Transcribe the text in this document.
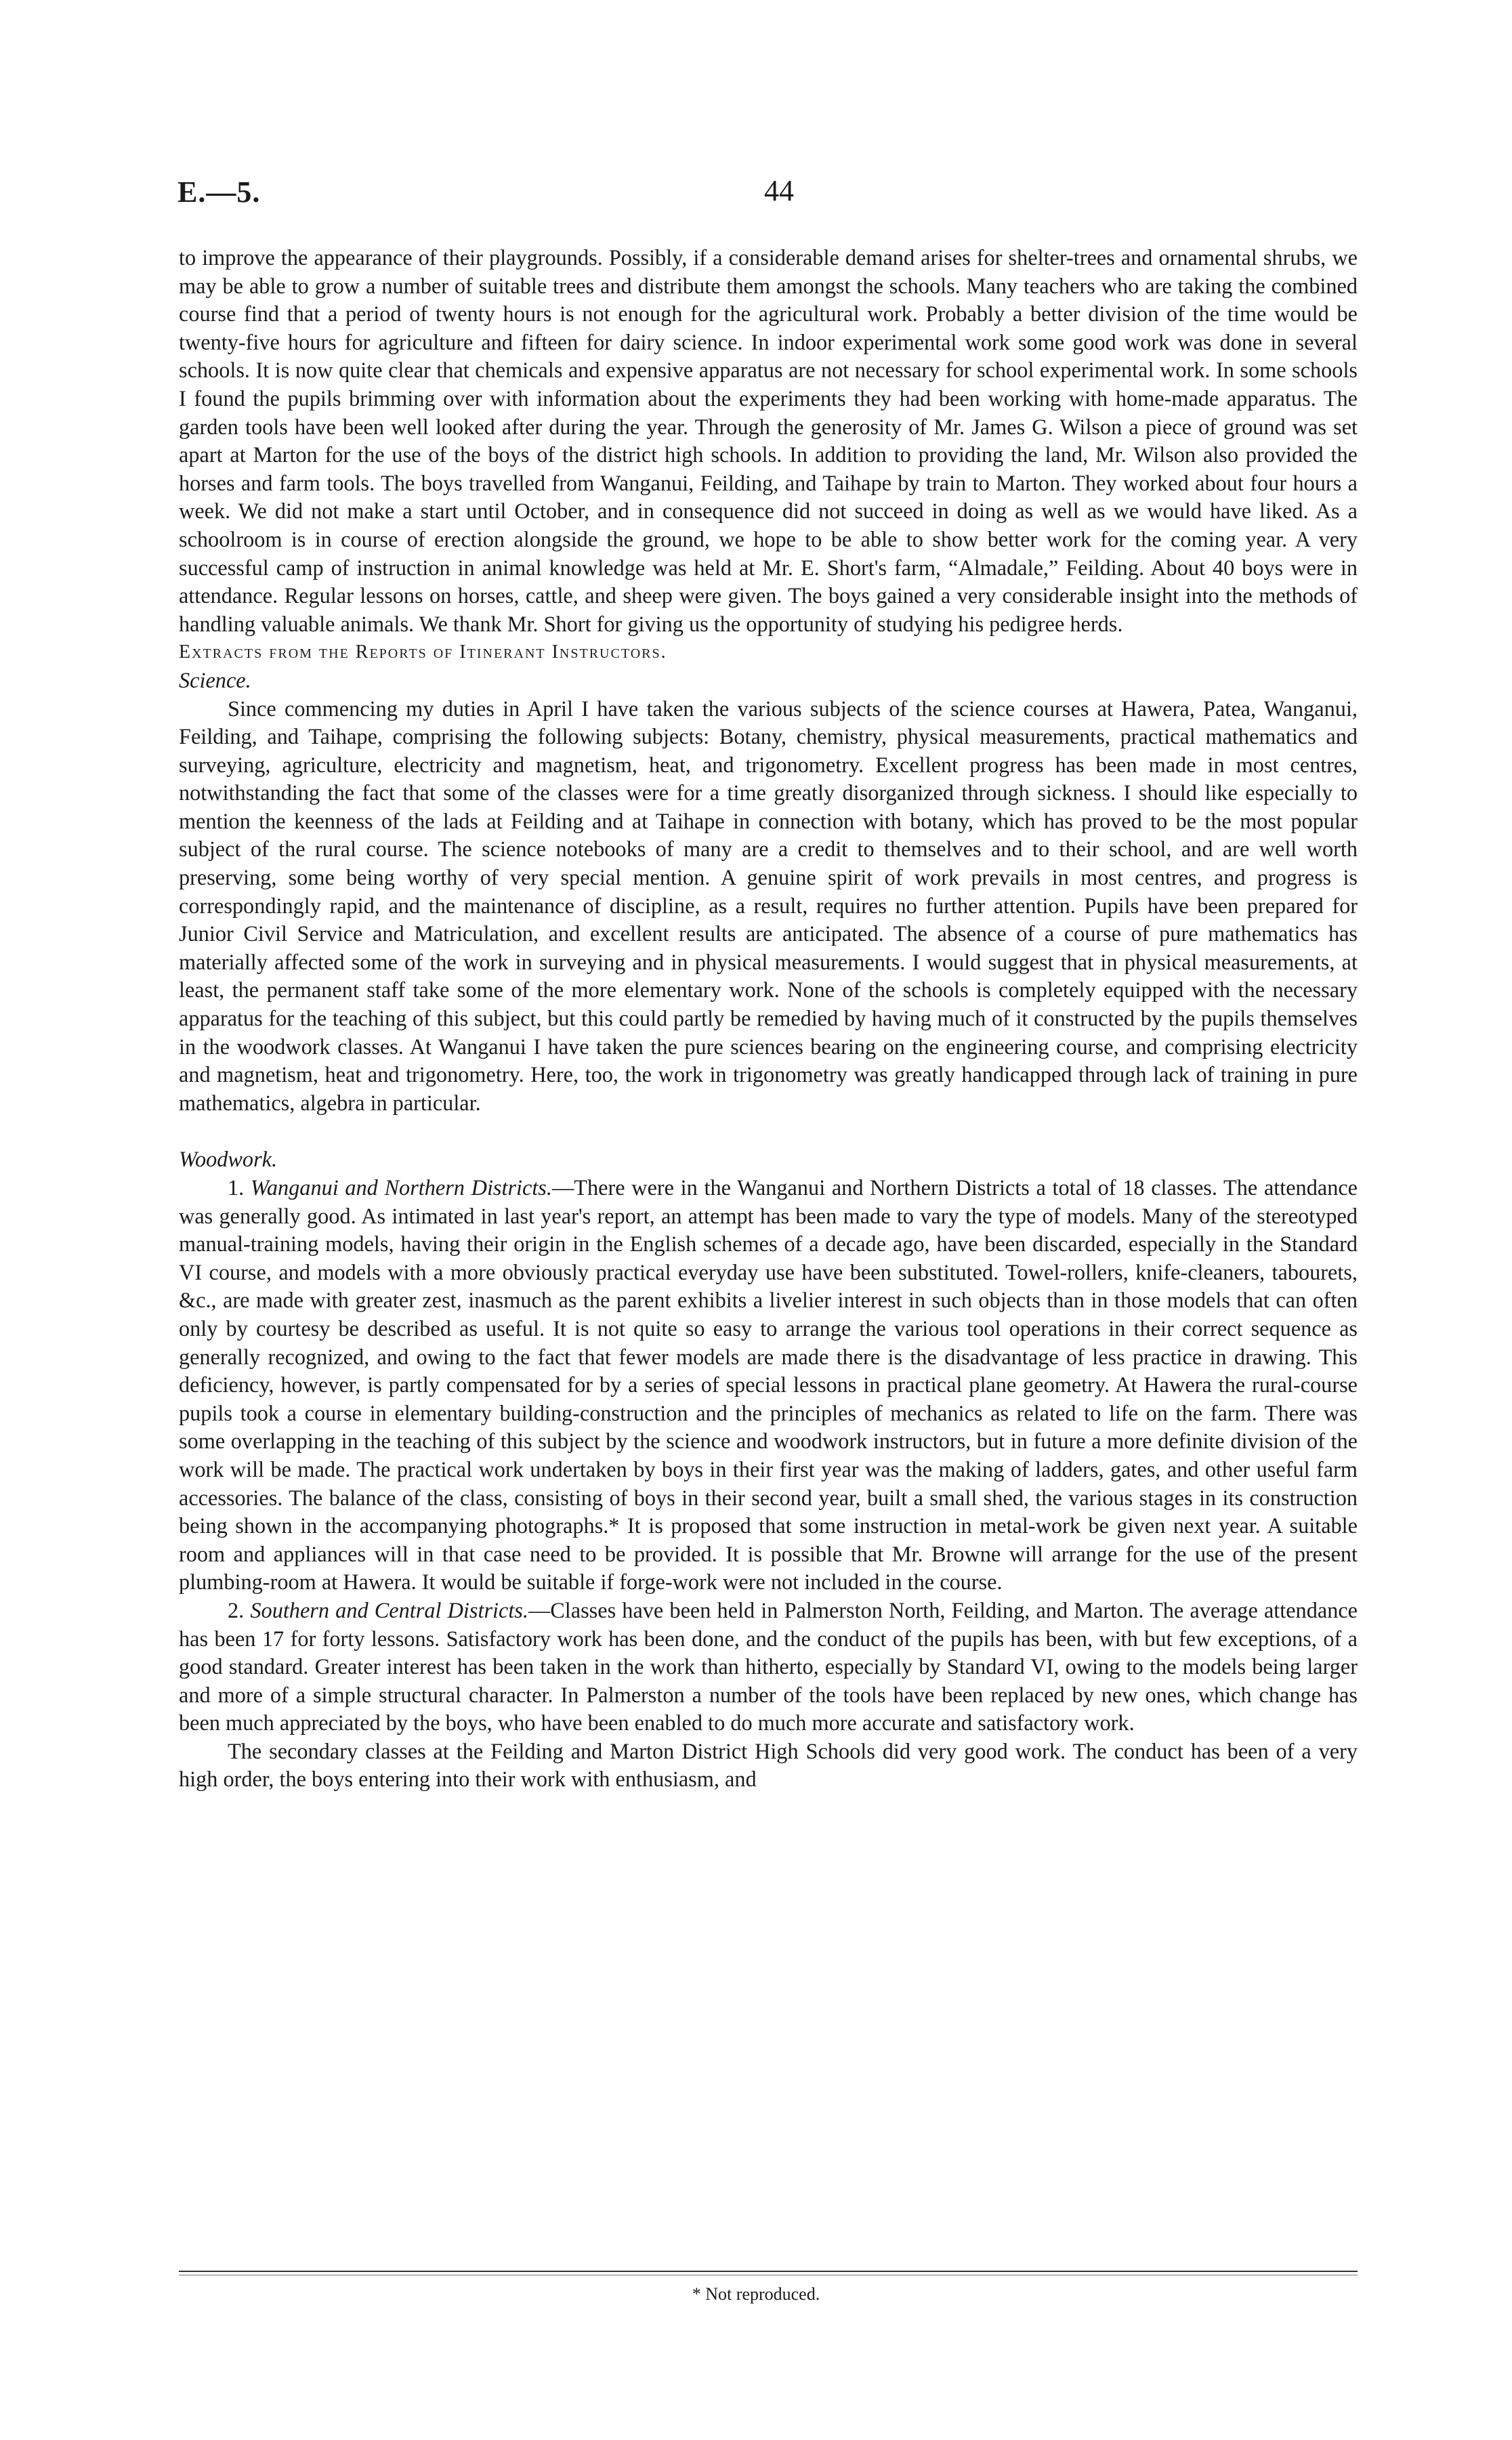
E.—5.	44

to improve the appearance of their playgrounds. Possibly, if a considerable demand arises for shelter-trees and ornamental shrubs, we may be able to grow a number of suitable trees and distribute them amongst the schools. Many teachers who are taking the combined course find that a period of twenty hours is not enough for the agricultural work. Probably a better division of the time would be twenty-five hours for agriculture and fifteen for dairy science. In indoor experimental work some good work was done in several schools. It is now quite clear that chemicals and expensive apparatus are not necessary for school experimental work. In some schools I found the pupils brimming over with information about the experiments they had been working with home-made apparatus. The garden tools have been well looked after during the year. Through the generosity of Mr. James G. Wilson a piece of ground was set apart at Marton for the use of the boys of the district high schools. In addition to providing the land, Mr. Wilson also provided the horses and farm tools. The boys travelled from Wanganui, Feilding, and Taihape by train to Marton. They worked about four hours a week. We did not make a start until October, and in consequence did not succeed in doing as well as we would have liked. As a schoolroom is in course of erection alongside the ground, we hope to be able to show better work for the coming year. A very successful camp of instruction in animal knowledge was held at Mr. E. Short's farm, “Almadale,” Feilding. About 40 boys were in attendance. Regular lessons on horses, cattle, and sheep were given. The boys gained a very considerable insight into the methods of handling valuable animals. We thank Mr. Short for giving us the opportunity of studying his pedigree herds.

Extracts from the Reports of Itinerant Instructors.

Science.

Since commencing my duties in April I have taken the various subjects of the science courses at Hawera, Patea, Wanganui, Feilding, and Taihape, comprising the following subjects: Botany, chemistry, physical measurements, practical mathematics and surveying, agriculture, electricity and magnetism, heat, and trigonometry. Excellent progress has been made in most centres, notwithstanding the fact that some of the classes were for a time greatly disorganized through sickness. I should like especially to mention the keenness of the lads at Feilding and at Taihape in connection with botany, which has proved to be the most popular subject of the rural course. The science notebooks of many are a credit to themselves and to their school, and are well worth preserving, some being worthy of very special mention. A genuine spirit of work prevails in most centres, and progress is correspondingly rapid, and the maintenance of discipline, as a result, requires no further attention. Pupils have been prepared for Junior Civil Service and Matriculation, and excellent results are anticipated. The absence of a course of pure mathematics has materially affected some of the work in surveying and in physical measurements. I would suggest that in physical measurements, at least, the permanent staff take some of the more elementary work. None of the schools is completely equipped with the necessary apparatus for the teaching of this subject, but this could partly be remedied by having much of it constructed by the pupils themselves in the woodwork classes. At Wanganui I have taken the pure sciences bearing on the engineering course, and comprising electricity and magnetism, heat and trigonometry. Here, too, the work in trigonometry was greatly handicapped through lack of training in pure mathematics, algebra in particular.

Woodwork.

1. Wanganui and Northern Districts.—There were in the Wanganui and Northern Districts a total of 18 classes. The attendance was generally good. As intimated in last year's report, an attempt has been made to vary the type of models. Many of the stereotyped manual-training models, having their origin in the English schemes of a decade ago, have been discarded, especially in the Standard VI course, and models with a more obviously practical everyday use have been substituted. Towel-rollers, knife-cleaners, tabourets, &c., are made with greater zest, inasmuch as the parent exhibits a livelier interest in such objects than in those models that can often only by courtesy be described as useful. It is not quite so easy to arrange the various tool operations in their correct sequence as generally recognized, and owing to the fact that fewer models are made there is the disadvantage of less practice in drawing. This deficiency, however, is partly compensated for by a series of special lessons in practical plane geometry. At Hawera the rural-course pupils took a course in elementary building-construction and the principles of mechanics as related to life on the farm. There was some overlapping in the teaching of this subject by the science and woodwork instructors, but in future a more definite division of the work will be made. The practical work undertaken by boys in their first year was the making of ladders, gates, and other useful farm accessories. The balance of the class, consisting of boys in their second year, built a small shed, the various stages in its construction being shown in the accompanying photographs.* It is proposed that some instruction in metal-work be given next year. A suitable room and appliances will in that case need to be provided. It is possible that Mr. Browne will arrange for the use of the present plumbing-room at Hawera. It would be suitable if forge-work were not included in the course.

2. Southern and Central Districts.—Classes have been held in Palmerston North, Feilding, and Marton. The average attendance has been 17 for forty lessons. Satisfactory work has been done, and the conduct of the pupils has been, with but few exceptions, of a good standard. Greater interest has been taken in the work than hitherto, especially by Standard VI, owing to the models being larger and more of a simple structural character. In Palmerston a number of the tools have been replaced by new ones, which change has been much appreciated by the boys, who have been enabled to do much more accurate and satisfactory work.

The secondary classes at the Feilding and Marton District High Schools did very good work. The conduct has been of a very high order, the boys entering into their work with enthusiasm, and

* Not reproduced.
